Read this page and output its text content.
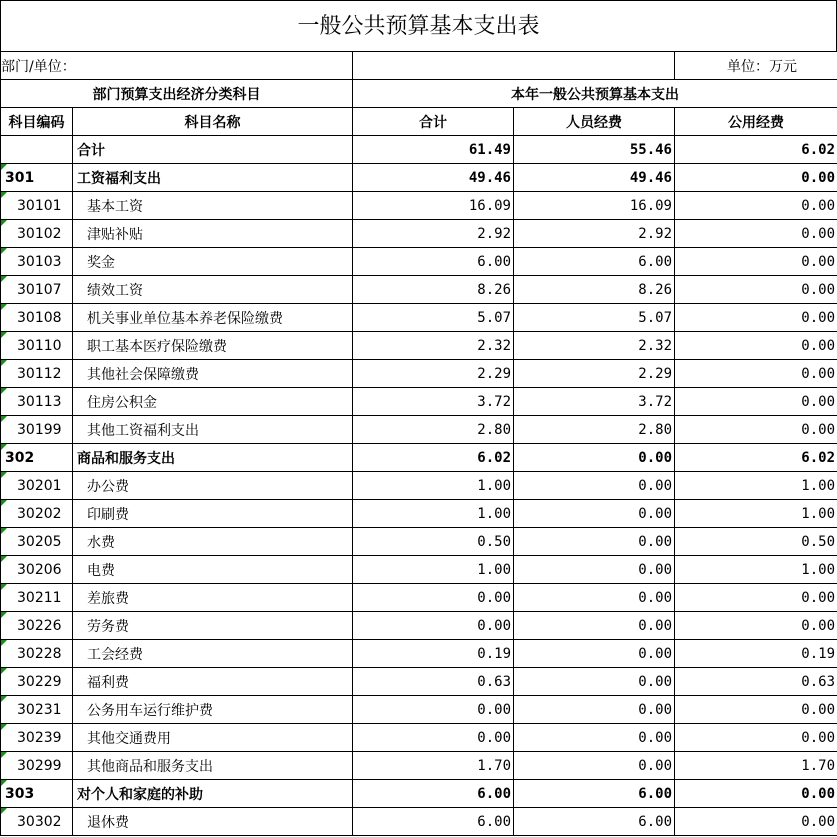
一般公共预算基本支出表
部门/单位：				单位：万元
部门预算支出经济分类科目		本年一般公共预算基本支出		
科目编码	科目名称	合计	人员经费	公用经费
	合计	61.49	55.46	6.02
301	工资福利支出	49.46	49.46	0.00
30101	基本工资	16.09	16.09	0.00
30102	津贴补贴	2.92	2.92	0.00
30103	奖金	6.00	6.00	0.00
30107	绩效工资	8.26	8.26	0.00
30108	机关事业单位基本养老保险缴费	5.07	5.07	0.00
30110	职工基本医疗保险缴费	2.32	2.32	0.00
30112	其他社会保障缴费	2.29	2.29	0.00
30113	住房公积金	3.72	3.72	0.00
30199	其他工资福利支出	2.80	2.80	0.00
302	商品和服务支出	6.02	0.00	6.02
30201	办公费	1.00	0.00	1.00
30202	印刷费	1.00	0.00	1.00
30205	水费	0.50	0.00	0.50
30206	电费	1.00	0.00	1.00
30211	差旅费	0.00	0.00	0.00
30226	劳务费	0.00	0.00	0.00
30228	工会经费	0.19	0.00	0.19
30229	福利费	0.63	0.00	0.63
30231	公务用车运行维护费	0.00	0.00	0.00
30239	其他交通费用	0.00	0.00	0.00
30299	其他商品和服务支出	1.70	0.00	1.70
303	对个人和家庭的补助	6.00	6.00	0.00
30302	退休费	6.00	6.00	0.00
